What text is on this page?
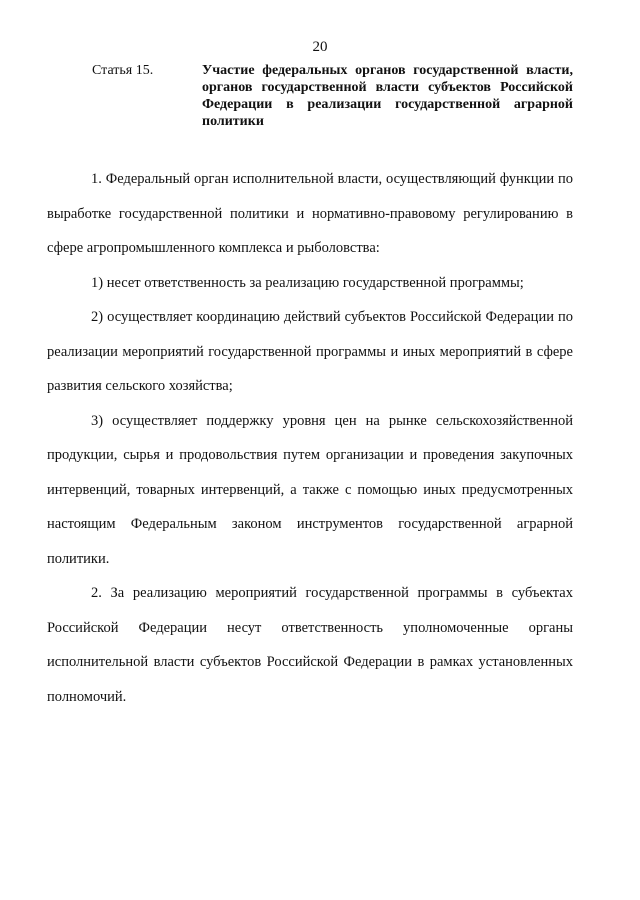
20
Статья 15.	Участие федеральных органов государственной власти, органов государственной власти субъектов Российской Федерации в реализации государственной аграрной политики

1. Федеральный орган исполнительной власти, осуществляющий функции по выработке государственной политики и нормативно-правовому регулированию в сфере агропромышленного комплекса и рыболовства:

1) несет ответственность за реализацию государственной программы;

2) осуществляет координацию действий субъектов Российской Федерации по реализации мероприятий государственной программы и иных мероприятий в сфере развития сельского хозяйства;

3) осуществляет поддержку уровня цен на рынке сельскохозяйственной продукции, сырья и продовольствия путем организации и проведения закупочных интервенций, товарных интервенций, а также с помощью иных предусмотренных настоящим Федеральным законом инструментов государственной аграрной политики.

2. За реализацию мероприятий государственной программы в субъектах Российской Федерации несут ответственность уполномоченные органы исполнительной власти субъектов Российской Федерации в рамках установленных полномочий.
